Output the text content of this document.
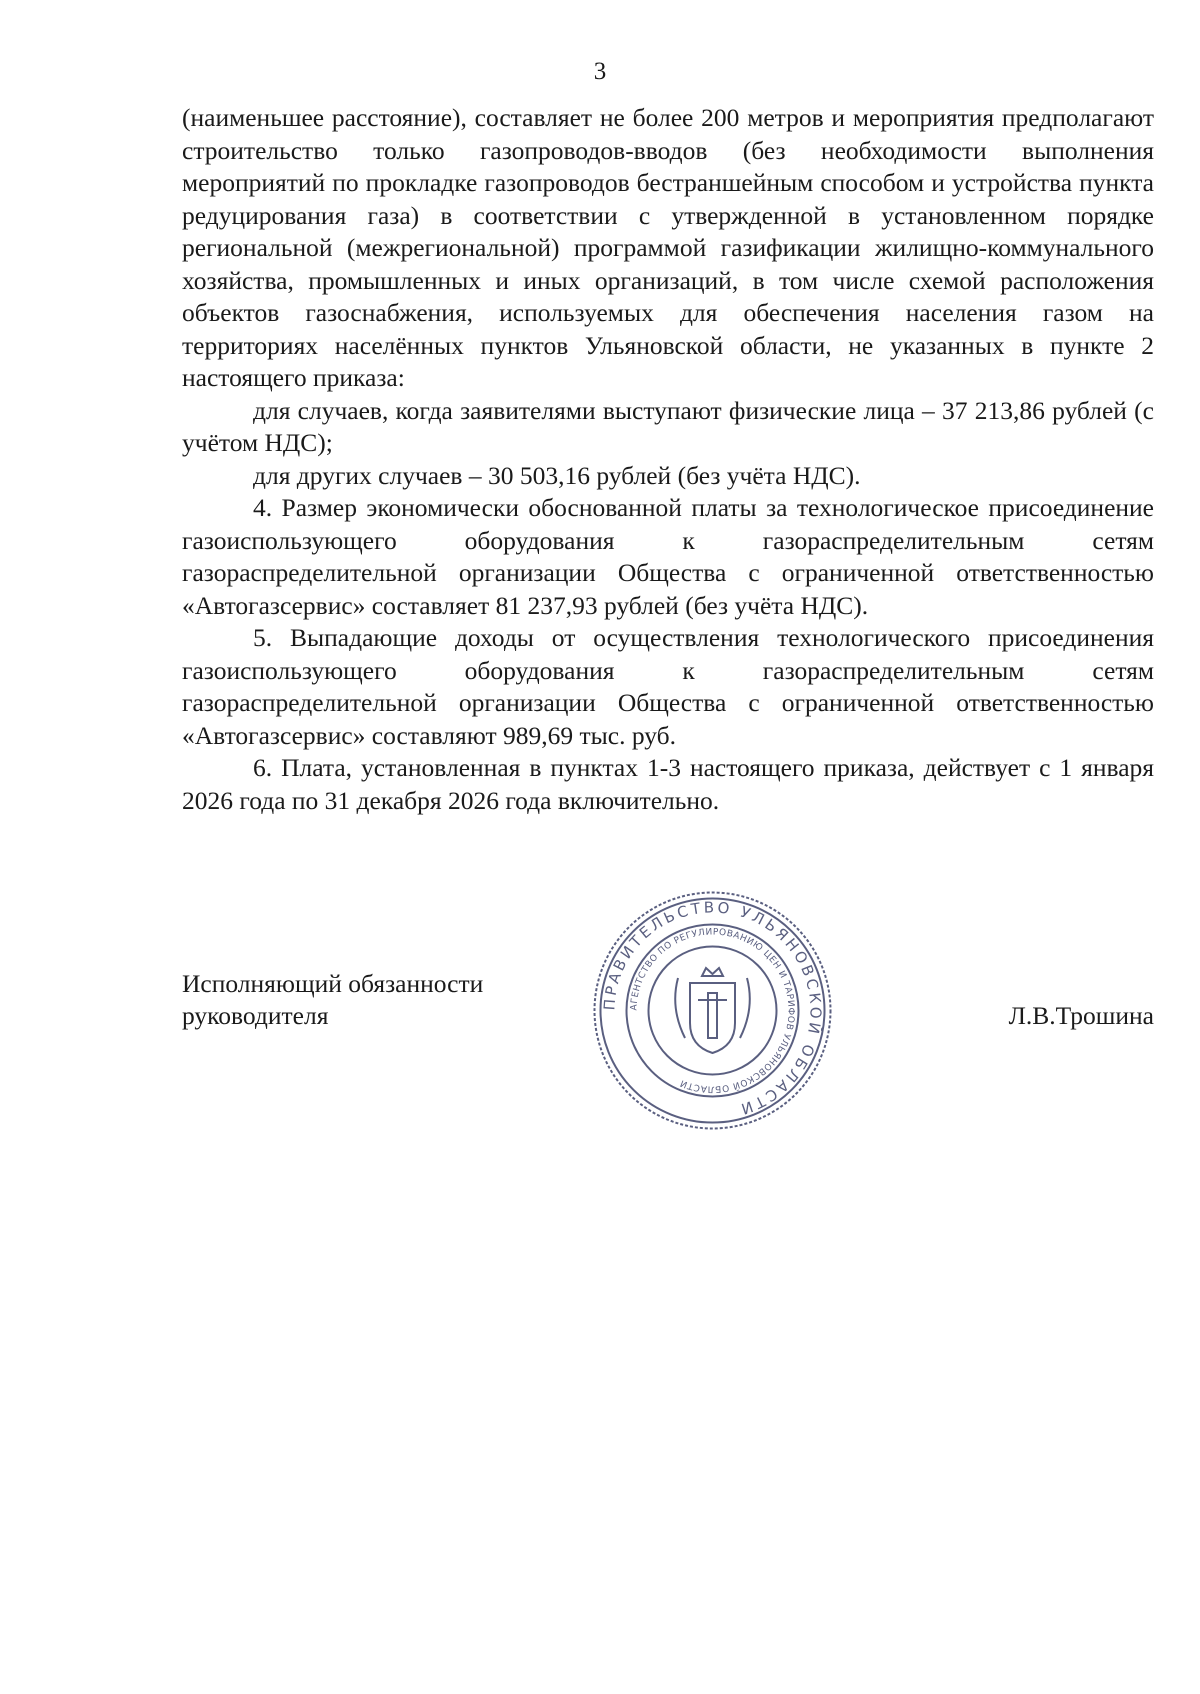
3

(наименьшее расстояние), составляет не более 200 метров и мероприятия предполагают строительство только газопроводов-вводов (без необходимости выполнения мероприятий по прокладке газопроводов бестраншейным способом и устройства пункта редуцирования газа) в соответствии с утвержденной в установленном порядке региональной (межрегиональной) программой газификации жилищно-коммунального хозяйства, промышленных и иных организаций, в том числе схемой расположения объектов газоснабжения, используемых для обеспечения населения газом на территориях населённых пунктов Ульяновской области, не указанных в пункте 2 настоящего приказа:

для случаев, когда заявителями выступают физические лица – 37 213,86 рублей (с учётом НДС);

для других случаев – 30 503,16 рублей (без учёта НДС).

4. Размер экономически обоснованной платы за технологическое присоединение газоиспользующего оборудования к газораспределительным сетям газораспределительной организации Общества с ограниченной ответственностью «Автогазсервис» составляет 81 237,93 рублей (без учёта НДС).

5. Выпадающие доходы от осуществления технологического присоединения газоиспользующего оборудования к газораспределительным сетям газораспределительной организации Общества с ограниченной ответственностью «Автогазсервис» составляют 989,69 тыс. руб.

6. Плата, установленная в пунктах 1-3 настоящего приказа, действует с 1 января 2026 года по 31 декабря 2026 года включительно.

Исполняющий обязанности
руководителя	Л.В.Трошина
ПРАВИТЕЛЬСТВО УЛЬЯНОВСКОЙ ОБЛАСТИ
АГЕНТСТВО ПО РЕГУЛИРОВАНИЮ ЦЕН И ТАРИФОВ УЛЬЯНОВСКОЙ ОБЛАСТИ
